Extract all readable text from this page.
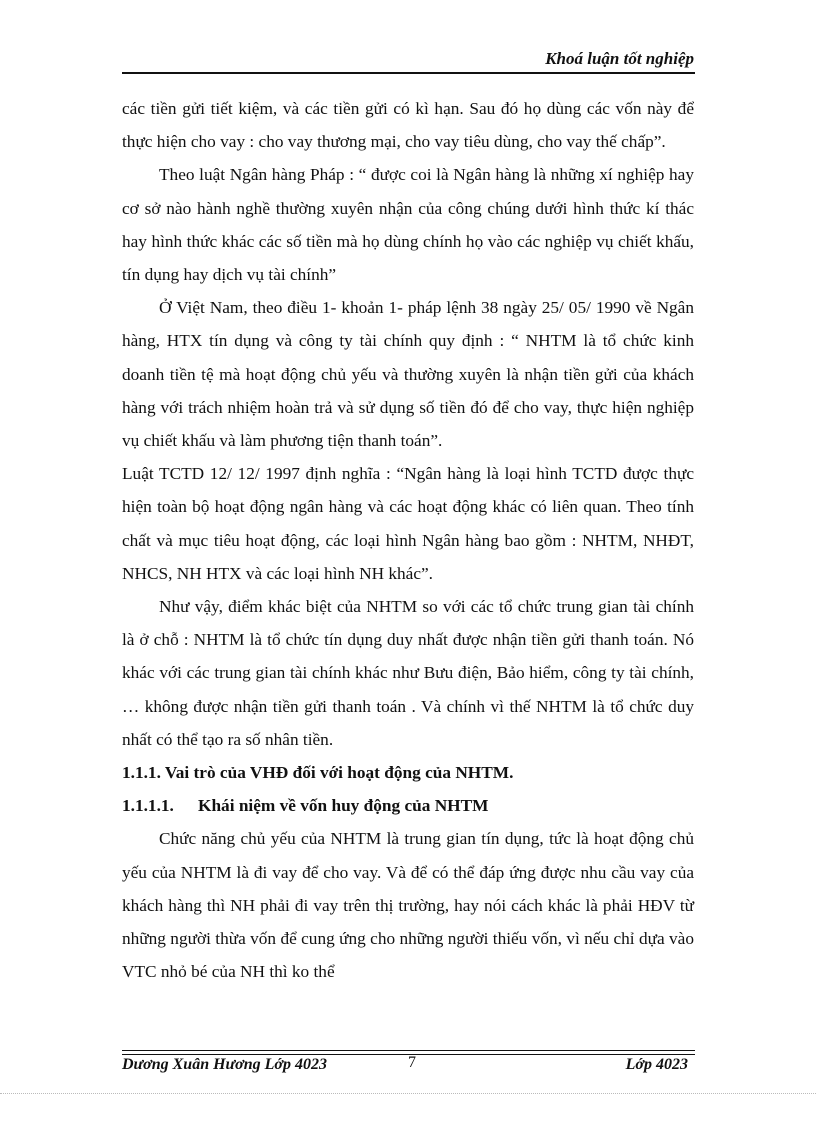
Khoá luận tốt nghiệp

các tiền gửi tiết kiệm, và các tiền gửi có kì hạn. Sau đó họ dùng các vốn này để thực hiện cho vay : cho vay thương mại, cho vay tiêu dùng, cho vay thế chấp”.

Theo luật Ngân hàng Pháp : “ được coi là Ngân hàng là những xí nghiệp hay cơ sở nào hành nghề thường xuyên nhận của công chúng dưới hình thức kí thác hay hình thức khác các số tiền mà họ dùng chính họ vào các nghiệp vụ chiết khấu, tín dụng hay dịch vụ tài chính”

Ở Việt Nam, theo điều 1- khoản 1- pháp lệnh 38 ngày 25/ 05/ 1990 về Ngân hàng, HTX tín dụng và công ty tài chính quy định : “ NHTM là tổ chức kinh doanh tiền tệ mà hoạt động chủ yếu và thường xuyên là nhận tiền gửi của khách hàng với trách nhiệm hoàn trả và sử dụng số tiền đó để cho vay, thực hiện nghiệp vụ chiết khấu và làm phương tiện thanh toán”.

Luật TCTD 12/ 12/ 1997 định nghĩa : “Ngân hàng là loại hình TCTD được thực hiện toàn bộ hoạt động ngân hàng và các hoạt động khác có liên quan. Theo tính chất và mục tiêu hoạt động, các loại hình Ngân hàng bao gồm : NHTM, NHĐT, NHCS, NH HTX và các loại hình NH khác”.

Như vậy, điểm khác biệt của NHTM so với các tổ chức trung gian tài chính là ở chỗ : NHTM là tổ chức tín dụng duy nhất được nhận tiền gửi thanh toán. Nó khác với các trung gian tài chính khác như Bưu điện, Bảo hiểm, công ty tài chính, … không được nhận tiền gửi thanh toán . Và chính vì thế NHTM là tổ chức duy nhất có thể tạo ra số nhân tiền.

1.1.1. Vai trò của VHĐ đối với hoạt động của NHTM.

1.1.1.1. Khái niệm về vốn huy động của NHTM

Chức năng chủ yếu của NHTM là trung gian tín dụng, tức là hoạt động chủ yếu của NHTM là đi vay để cho vay. Và để có thể đáp ứng được nhu cầu vay của khách hàng thì NH phải đi vay trên thị trường, hay nói cách khác là phải HĐV từ những người thừa vốn để cung ứng cho những người thiếu vốn, vì nếu chỉ dựa vào VTC nhỏ bé của NH thì ko thể

Dương Xuân Hương Lớp 4023	7	Lớp 4023
